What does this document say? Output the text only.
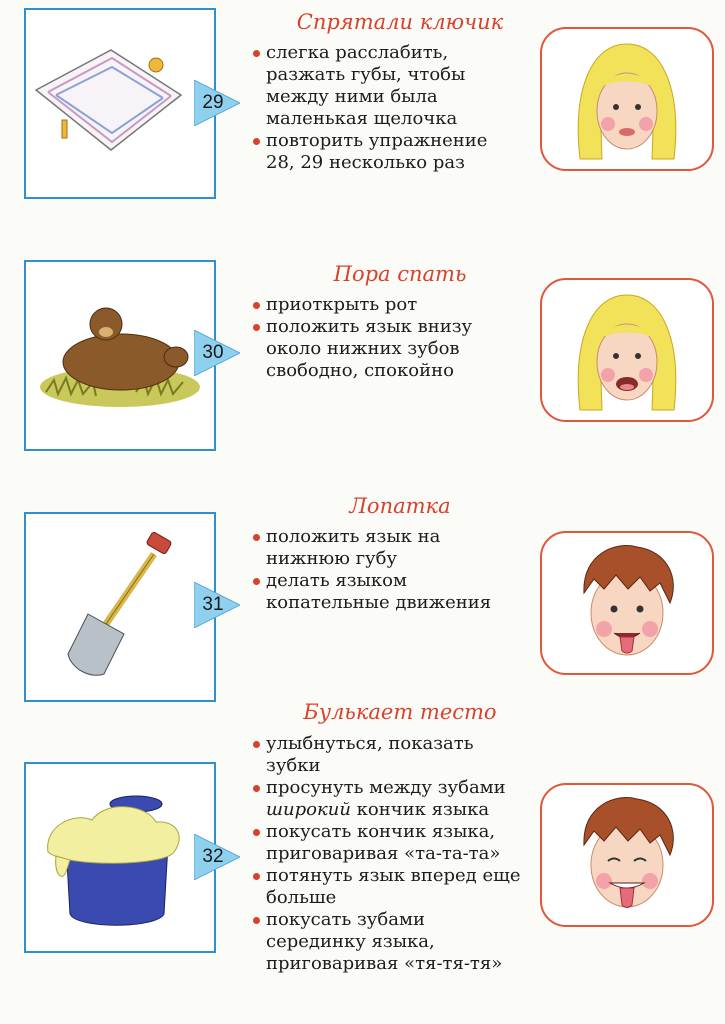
29
Спрятали ключик
слегка расслабить, разжать губы, чтобы между ними была маленькая щелочка
повторить упражнение 28, 29 несколько раз
30
Пора спать
приоткрыть рот
положить язык внизу около нижних зубов свободно, спокойно
31
Лопатка
положить язык на нижнюю губу
делать языком копательные движения
32
Булькает тесто
улыбнуться, показать зубки
просунуть между зубами широкий кончик языка
покусать кончик языка, приговаривая «та-та-та»
потянуть язык вперед еще больше
покусать зубами серединку языка, приговаривая «тя-тя-тя»
